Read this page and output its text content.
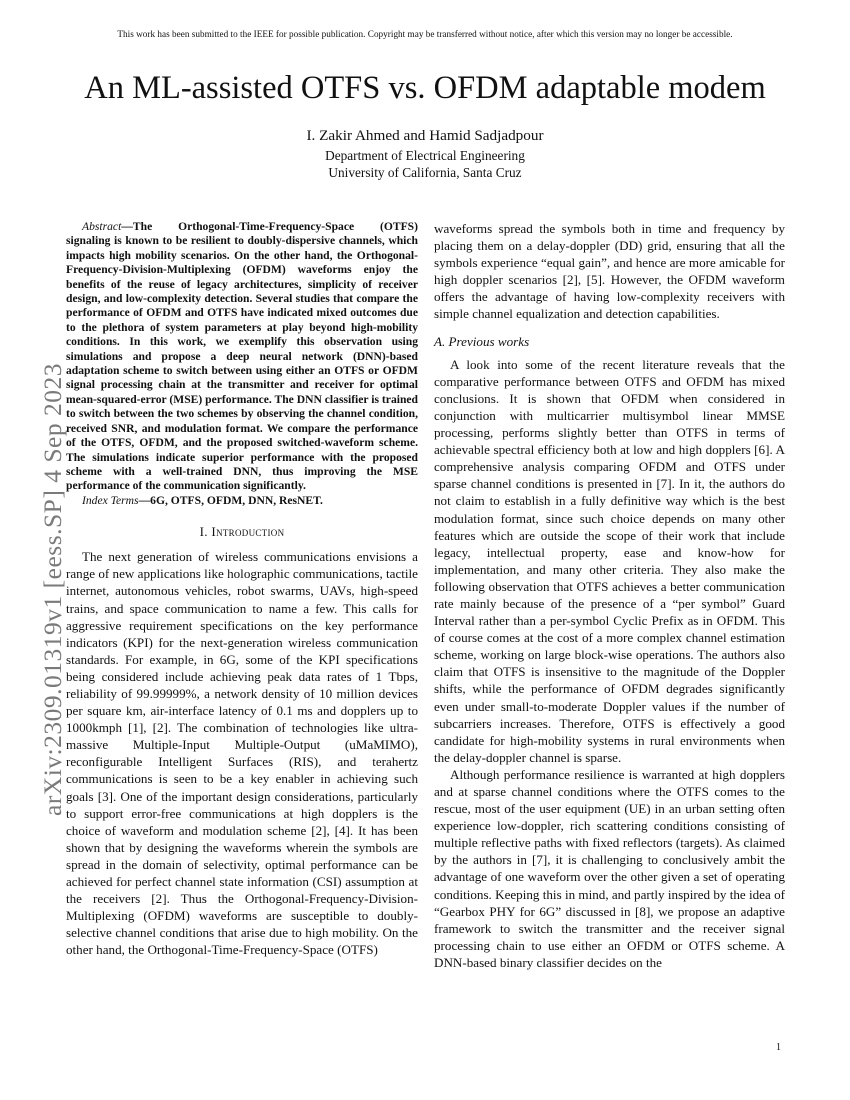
This work has been submitted to the IEEE for possible publication. Copyright may be transferred without notice, after which this version may no longer be accessible.
An ML-assisted OTFS vs. OFDM adaptable modem
I. Zakir Ahmed and Hamid Sadjadpour
Department of Electrical Engineering
University of California, Santa Cruz
arXiv:2309.01319v1 [eess.SP] 4 Sep 2023

Abstract—The Orthogonal-Time-Frequency-Space (OTFS) signaling is known to be resilient to doubly-dispersive channels, which impacts high mobility scenarios. On the other hand, the Orthogonal-Frequency-Division-Multiplexing (OFDM) waveforms enjoy the benefits of the reuse of legacy architectures, simplicity of receiver design, and low-complexity detection. Several studies that compare the performance of OFDM and OTFS have indicated mixed outcomes due to the plethora of system parameters at play beyond high-mobility conditions. In this work, we exemplify this observation using simulations and propose a deep neural network (DNN)-based adaptation scheme to switch between using either an OTFS or OFDM signal processing chain at the transmitter and receiver for optimal mean-squared-error (MSE) performance. The DNN classifier is trained to switch between the two schemes by observing the channel condition, received SNR, and modulation format. We compare the performance of the OTFS, OFDM, and the proposed switched-waveform scheme. The simulations indicate superior performance with the proposed scheme with a well-trained DNN, thus improving the MSE performance of the communication significantly.

Index Terms—6G, OTFS, OFDM, DNN, ResNET.

I. Introduction

The next generation of wireless communications envisions a range of new applications like holographic communications, tactile internet, autonomous vehicles, robot swarms, UAVs, high-speed trains, and space communication to name a few. This calls for aggressive requirement specifications on the key performance indicators (KPI) for the next-generation wireless communication standards. For example, in 6G, some of the KPI specifications being considered include achieving peak data rates of 1 Tbps, reliability of 99.99999%, a network density of 10 million devices per square km, air-interface latency of 0.1 ms and dopplers up to 1000kmph [1], [2]. The combination of technologies like ultra-massive Multiple-Input Multiple-Output (uMaMIMO), reconfigurable Intelligent Surfaces (RIS), and terahertz communications is seen to be a key enabler in achieving such goals [3]. One of the important design considerations, particularly to support error-free communications at high dopplers is the choice of waveform and modulation scheme [2], [4]. It has been shown that by designing the waveforms wherein the symbols are spread in the domain of selectivity, optimal performance can be achieved for perfect channel state information (CSI) assumption at the receivers [2]. Thus the Orthogonal-Frequency-Division-Multiplexing (OFDM) waveforms are susceptible to doubly-selective channel conditions that arise due to high mobility. On the other hand, the Orthogonal-Time-Frequency-Space (OTFS)

waveforms spread the symbols both in time and frequency by placing them on a delay-doppler (DD) grid, ensuring that all the symbols experience “equal gain”, and hence are more amicable for high doppler scenarios [2], [5]. However, the OFDM waveform offers the advantage of having low-complexity receivers with simple channel equalization and detection capabilities.

A. Previous works

A look into some of the recent literature reveals that the comparative performance between OTFS and OFDM has mixed conclusions. It is shown that OFDM when considered in conjunction with multicarrier multisymbol linear MMSE processing, performs slightly better than OTFS in terms of achievable spectral efficiency both at low and high dopplers [6]. A comprehensive analysis comparing OFDM and OTFS under sparse channel conditions is presented in [7]. In it, the authors do not claim to establish in a fully definitive way which is the best modulation format, since such choice depends on many other features which are outside the scope of their work that include legacy, intellectual property, ease and know-how for implementation, and many other criteria. They also make the following observation that OTFS achieves a better communication rate mainly because of the presence of a “per symbol” Guard Interval rather than a per-symbol Cyclic Prefix as in OFDM. This of course comes at the cost of a more complex channel estimation scheme, working on large block-wise operations. The authors also claim that OTFS is insensitive to the magnitude of the Doppler shifts, while the performance of OFDM degrades significantly even under small-to-moderate Doppler values if the number of subcarriers increases. Therefore, OTFS is effectively a good candidate for high-mobility systems in rural environments when the delay-doppler channel is sparse.

Although performance resilience is warranted at high dopplers and at sparse channel conditions where the OTFS comes to the rescue, most of the user equipment (UE) in an urban setting often experience low-doppler, rich scattering conditions consisting of multiple reflective paths with fixed reflectors (targets). As claimed by the authors in [7], it is challenging to conclusively ambit the advantage of one waveform over the other given a set of operating conditions. Keeping this in mind, and partly inspired by the idea of “Gearbox PHY for 6G” discussed in [8], we propose an adaptive framework to switch the transmitter and the receiver signal processing chain to use either an OFDM or OTFS scheme. A DNN-based binary classifier decides on the

1
